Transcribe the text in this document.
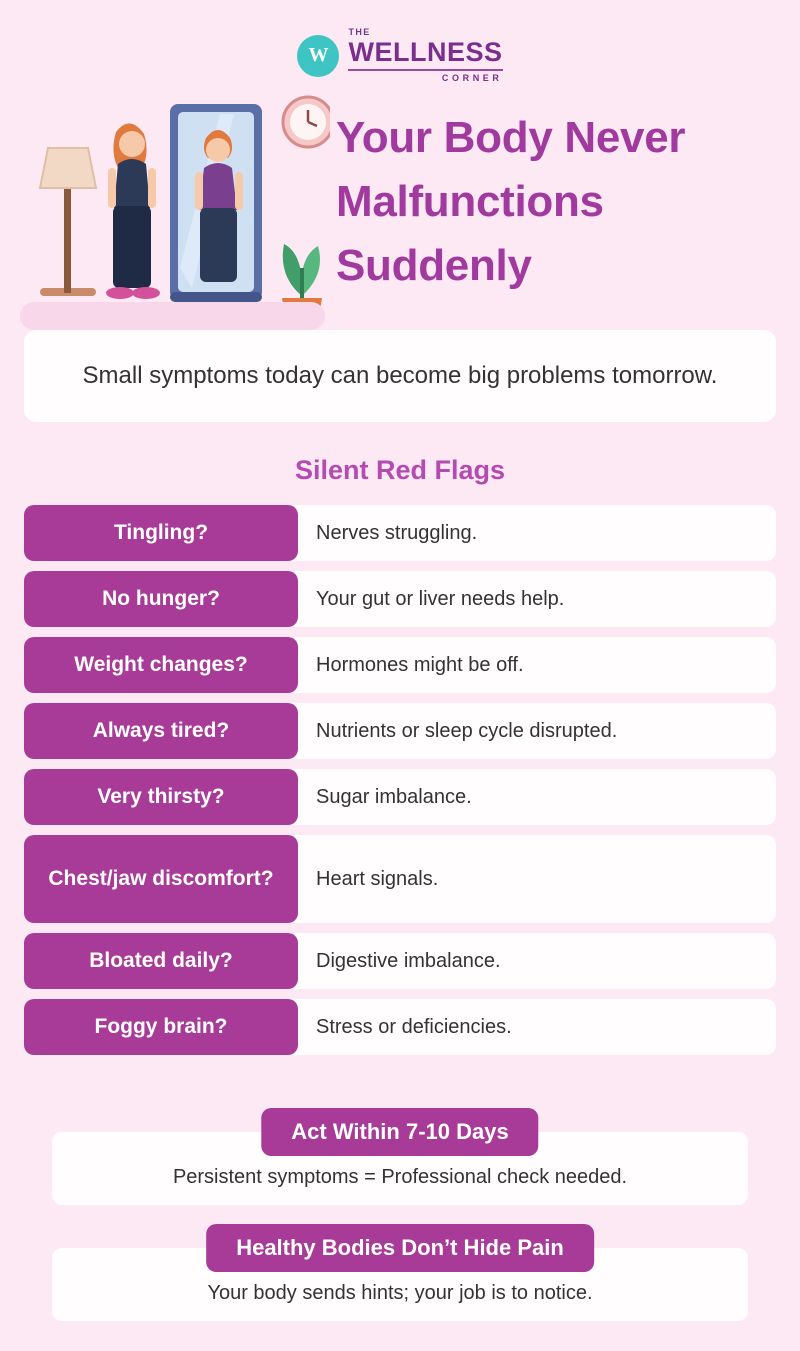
W
THE
WELLNESS
CORNER
Your Body Never Malfunctions Suddenly

Small symptoms today can become big problems tomorrow.

Silent Red Flags
Tingling?	Nerves struggling.
No hunger?	Your gut or liver needs help.
Weight changes?	Hormones might be off.
Always tired?	Nutrients or sleep cycle disrupted.
Very thirsty?	Sugar imbalance.
Chest/jaw discomfort?	Heart signals.
Bloated daily?	Digestive imbalance.
Foggy brain?	Stress or deficiencies.
Persistent symptoms = Professional check needed.
Act Within 7-10 Days
Your body sends hints; your job is to notice.
Healthy Bodies Don’t Hide Pain
